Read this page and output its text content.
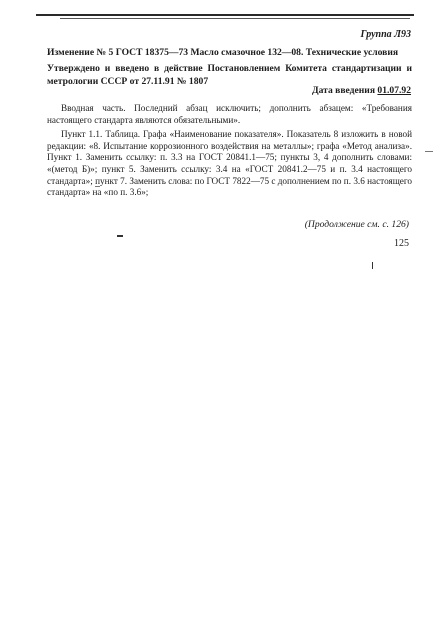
Группа Л93
Изменение № 5 ГОСТ 18375—73 Масло смазочное 132—08. Технические условия
Утверждено и введено в действие Постановлением Комитета стандартизации и метрологии СССР от 27.11.91 № 1807
Дата введения 01.07.92

Вводная часть. Последний абзац исключить; дополнить абзацем: «Требования настоящего стандарта являются обязательными».

Пункт 1.1. Таблица. Графа «Наименование показателя». Показатель 8 изложить в новой редакции: «8. Испытание коррозионного воздействия на металлы»; графа «Метод анализа». Пункт 1. Заменить ссылку: п. 3.3 на ГОСТ 20841.1—75; пункты 3, 4 дополнить словами: «(метод Б)»; пункт 5. Заменить ссылку: 3.4 на «ГОСТ 20841.2—75 и п. 3.4 настоящего стандарта»; пункт 7. Заменить слова: по ГОСТ 7822—75 с дополнением по п. 3.6 настоящего стандарта» на «по п. 3.6»;

(Продолжение см. с. 126)
125
